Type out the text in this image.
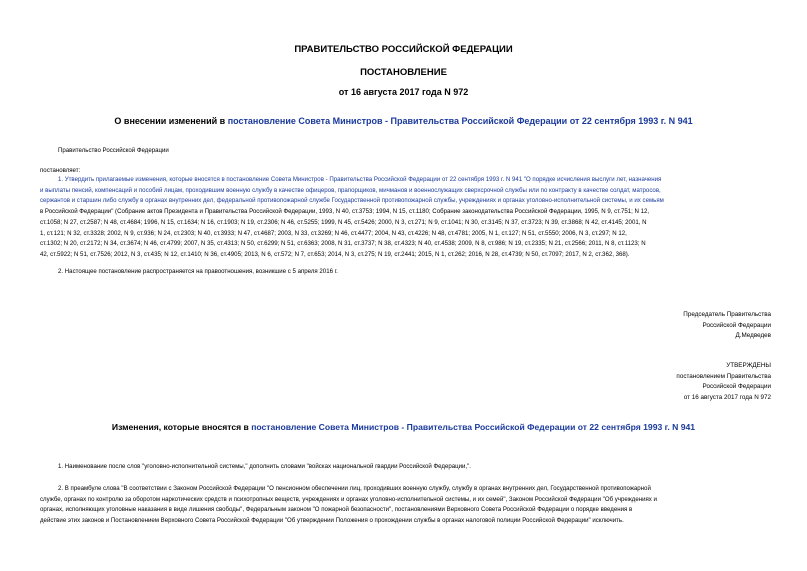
ПРАВИТЕЛЬСТВО РОССИЙСКОЙ ФЕДЕРАЦИИ
ПОСТАНОВЛЕНИЕ
от 16 августа 2017 года N 972
О внесении изменений в постановление Совета Министров - Правительства Российской Федерации от 22 сентября 1993 г. N 941
Правительство Российской Федерации
постановляет:
1. Утвердить прилагаемые изменения, которые вносятся в постановление Совета Министров - Правительства Российской Федерации от 22 сентября 1993 г. N 941 "О порядке исчисления выслуги лет, назначения
и выплаты пенсий, компенсаций и пособий лицам, проходившим военную службу в качестве офицеров, прапорщиков, мичманов и военнослужащих сверхсрочной службы или по контракту в качестве солдат, матросов,
сержантов и старшин либо службу в органах внутренних дел, федеральной противопожарной службе Государственной противопожарной службы, учреждениях и органах уголовно-исполнительной системы, и их семьям
в Российской Федерации" (Собрание актов Президента и Правительства Российской Федерации, 1993, N 40, ст.3753; 1994, N 15, ст.1180; Собрание законодательства Российской Федерации, 1995, N 9, ст.751; N 12,
ст.1058; N 27, ст.2587; N 48, ст.4684; 1996, N 15, ст.1634; N 16, ст.1903; N 19, ст.2306; N 46, ст.5255; 1999, N 45, ст.5426; 2000, N 3, ст.271; N 9, ст.1041; N 30, ст.3145; N 37, ст.3723; N 39, ст.3868; N 42, ст.4145; 2001, N
1, ст.121; N 32, ст.3328; 2002, N 9, ст.936; N 24, ст.2303; N 40, ст.3933; N 47, ст.4687; 2003, N 33, ст.3269; N 46, ст.4477; 2004, N 43, ст.4226; N 48, ст.4781; 2005, N 1, ст.127; N 51, ст.5550; 2006, N 3, ст.297; N 12,
ст.1302; N 20, ст.2172; N 34, ст.3674; N 46, ст.4799; 2007, N 35, ст.4313; N 50, ст.6299; N 51, ст.6363; 2008, N 31, ст.3737; N 38, ст.4323; N 40, ст.4538; 2009, N 8, ст.986; N 19, ст.2335; N 21, ст.2566; 2011, N 8, ст.1123; N
42, ст.5922; N 51, ст.7526; 2012, N 3, ст.435; N 12, ст.1410; N 36, ст.4905; 2013, N 6, ст.572; N 7, ст.653; 2014, N 3, ст.275; N 19, ст.2441; 2015, N 1, ст.262; 2016, N 28, ст.4739; N 50, ст.7097; 2017, N 2, ст.362, 368).
2. Настоящее постановление распространяется на правоотношения, возникшие с 5 апреля 2016 г.
Председатель Правительства
Российской Федерации
Д.Медведев
УТВЕРЖДЕНЫ
постановлением Правительства
Российской Федерации
от 16 августа 2017 года N 972
Изменения, которые вносятся в постановление Совета Министров - Правительства Российской Федерации от 22 сентября 1993 г. N 941
1. Наименование после слов "уголовно-исполнительной системы," дополнить словами "войсках национальной гвардии Российской Федерации,".
2. В преамбуле слова "В соответствии с Законом Российской Федерации "О пенсионном обеспечении лиц, проходивших военную службу, службу в органах внутренних дел, Государственной противопожарной
службе, органах по контролю за оборотом наркотических средств и психотропных веществ, учреждениях и органах уголовно-исполнительной системы, и их семей", Законом Российской Федерации "Об учреждениях и
органах, исполняющих уголовные наказания в виде лишения свободы", Федеральным законом "О пожарной безопасности", постановлениями Верховного Совета Российской Федерации о порядке введения в
действие этих законов и Постановлением Верховного Совета Российской Федерации "Об утверждении Положения о прохождении службы в органах налоговой полиции Российской Федерации" исключить.
